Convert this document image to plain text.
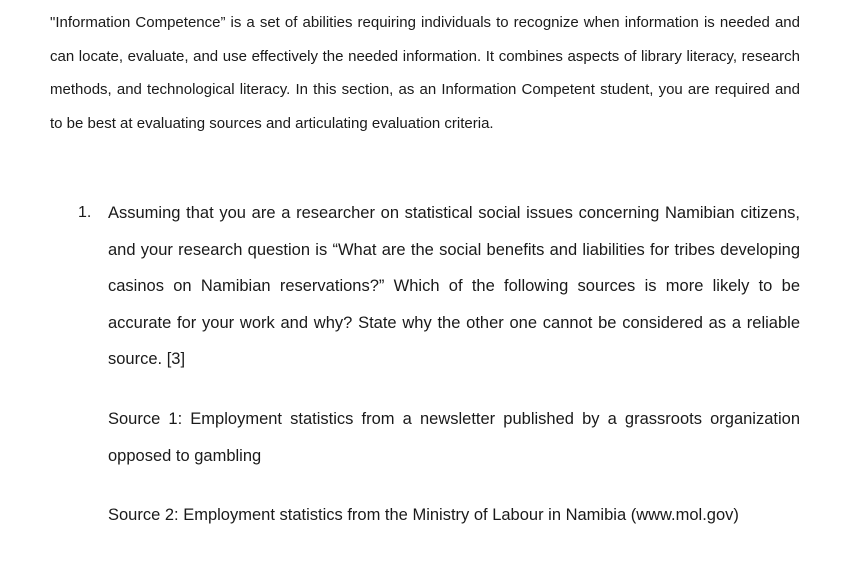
"Information Competence” is a set of abilities requiring individuals to recognize when information is needed and can locate, evaluate, and use effectively the needed information. It combines aspects of library literacy, research methods, and technological literacy. In this section, as an Information Competent student, you are required and to be best at evaluating sources and articulating evaluation criteria.

1. Assuming that you are a researcher on statistical social issues concerning Namibian citizens, and your research question is “What are the social benefits and liabilities for tribes developing casinos on Namibian reservations?” Which of the following sources is more likely to be accurate for your work and why? State why the other one cannot be considered as a reliable source. [3]

Source 1: Employment statistics from a newsletter published by a grassroots organization opposed to gambling

Source 2: Employment statistics from the Ministry of Labour in Namibia (www.mol.gov)
